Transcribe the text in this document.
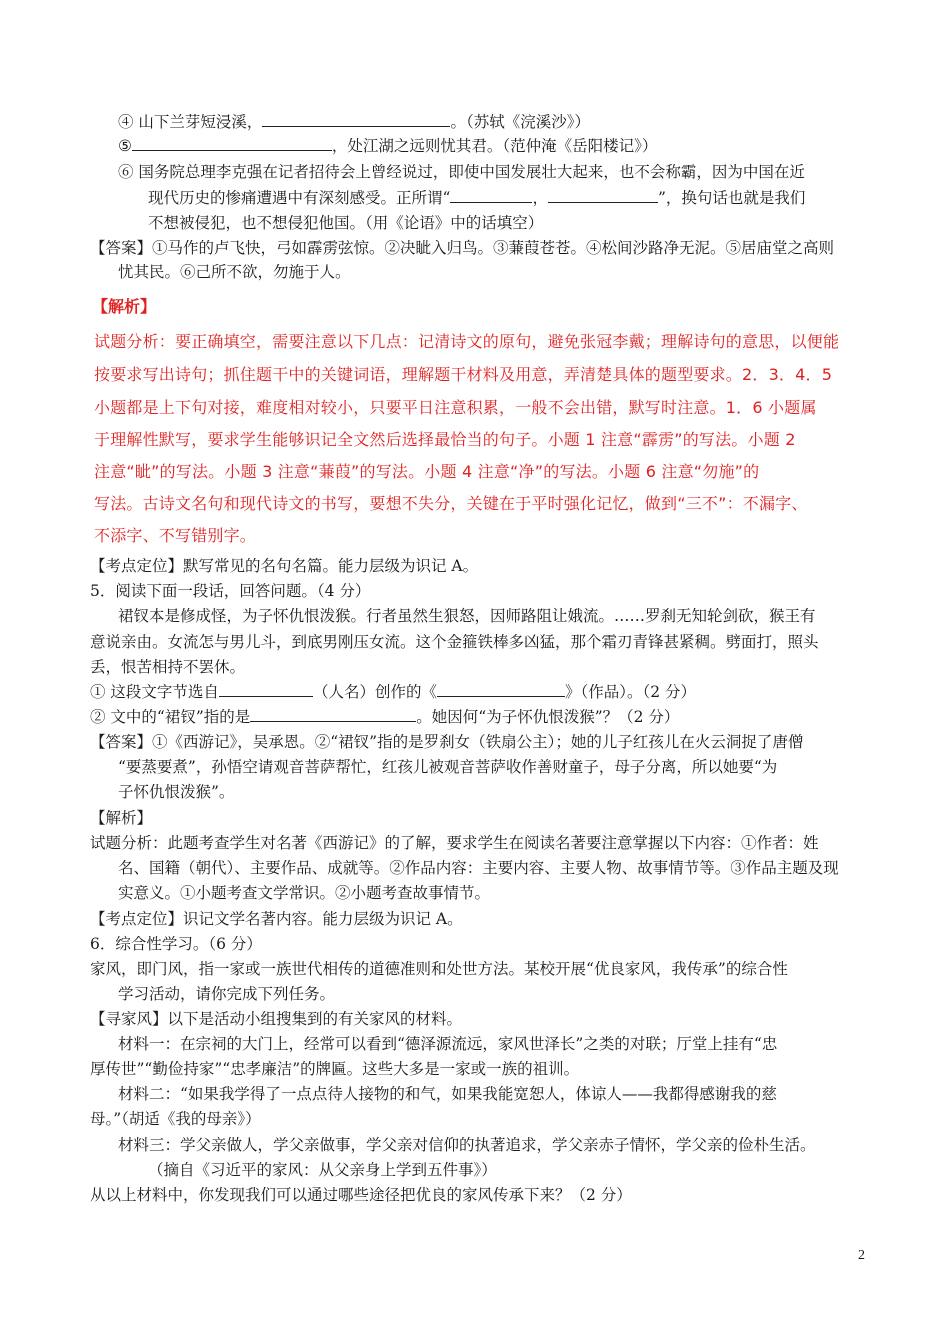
④ 山下兰芽短浸溪，	。（苏轼《浣溪沙》）
⑤	，处江湖之远则忧其君。（范仲淹《岳阳楼记》）
⑥ 国务院总理李克强在记者招待会上曾经说过，即使中国发展壮大起来，也不会称霸，因为中国在近
现代历史的惨痛遭遇中有深刻感受。正所谓“	，	”，换句话也就是我们
不想被侵犯，也不想侵犯他国。（用《论语》中的话填空）
【答案】①马作的卢飞快，弓如霹雳弦惊。②决眦入归鸟。③蒹葭苍苍。④松间沙路净无泥。⑤居庙堂之高则
忧其民。⑥己所不欲，勿施于人。
【解析】
试题分析：要正确填空，需要注意以下几点：记清诗文的原句，避免张冠李戴；理解诗句的意思，以便能
按要求写出诗句；抓住题干中的关键词语，理解题干材料及用意，弄清楚具体的题型要求。2．3．4．5
小题都是上下句对接，难度相对较小，只要平日注意积累，一般不会出错，默写时注意。1．6 小题属
于理解性默写，要求学生能够识记全文然后选择最恰当的句子。小题 1 注意“霹雳”的写法。小题 2
注意“眦”的写法。小题 3 注意“蒹葭”的写法。小题 4 注意“净”的写法。小题 6 注意“勿施”的
写法。古诗文名句和现代诗文的书写，要想不失分，关键在于平时强化记忆，做到“三不”：不漏字、
不添字、不写错别字。
【考点定位】默写常见的名句名篇。能力层级为识记 A。
5．阅读下面一段话，回答问题。（4 分）
裙钗本是修成怪，为子怀仇恨泼猴。行者虽然生狠怒，因师路阻让娥流。……罗刹无知轮剑砍，猴王有
意说亲由。女流怎与男儿斗，到底男刚压女流。这个金箍铁棒多凶猛，那个霜刃青锋甚紧稠。劈面打，照头
丢，恨苦相持不罢休。
① 这段文字节选自	（人名）创作的《	》（作品）。（2 分）
② 文中的“裙钗”指的是	。她因何“为子怀仇恨泼猴”？（2 分）
【答案】①《西游记》，吴承恩。②“裙钗”指的是罗刹女（铁扇公主）；她的儿子红孩儿在火云洞捉了唐僧
“要蒸要煮”，孙悟空请观音菩萨帮忙，红孩儿被观音菩萨收作善财童子，母子分离，所以她要“为
子怀仇恨泼猴”。
【解析】
试题分析：此题考查学生对名著《西游记》的了解，要求学生在阅读名著要注意掌握以下内容：①作者：姓
名、国籍（朝代）、主要作品、成就等。②作品内容：主要内容、主要人物、故事情节等。③作品主题及现
实意义。①小题考查文学常识。②小题考查故事情节。
【考点定位】识记文学名著内容。能力层级为识记 A。
6．综合性学习。（6 分）
家风，即门风，指一家或一族世代相传的道德准则和处世方法。某校开展“优良家风，我传承”的综合性
学习活动，请你完成下列任务。
【寻家风】以下是活动小组搜集到的有关家风的材料。
材料一：在宗祠的大门上，经常可以看到“德泽源流远，家风世泽长”之类的对联；厅堂上挂有“忠
厚传世”“勤俭持家”“忠孝廉洁”的牌匾。这些大多是一家或一族的祖训。
材料二：“如果我学得了一点点待人接物的和气，如果我能宽恕人，体谅人——我都得感谢我的慈
母。”（胡适《我的母亲》）
材料三：学父亲做人，学父亲做事，学父亲对信仰的执著追求，学父亲赤子情怀，学父亲的俭朴生活。
（摘自《习近平的家风：从父亲身上学到五件事》）
从以上材料中，你发现我们可以通过哪些途径把优良的家风传承下来？（2 分）
2
